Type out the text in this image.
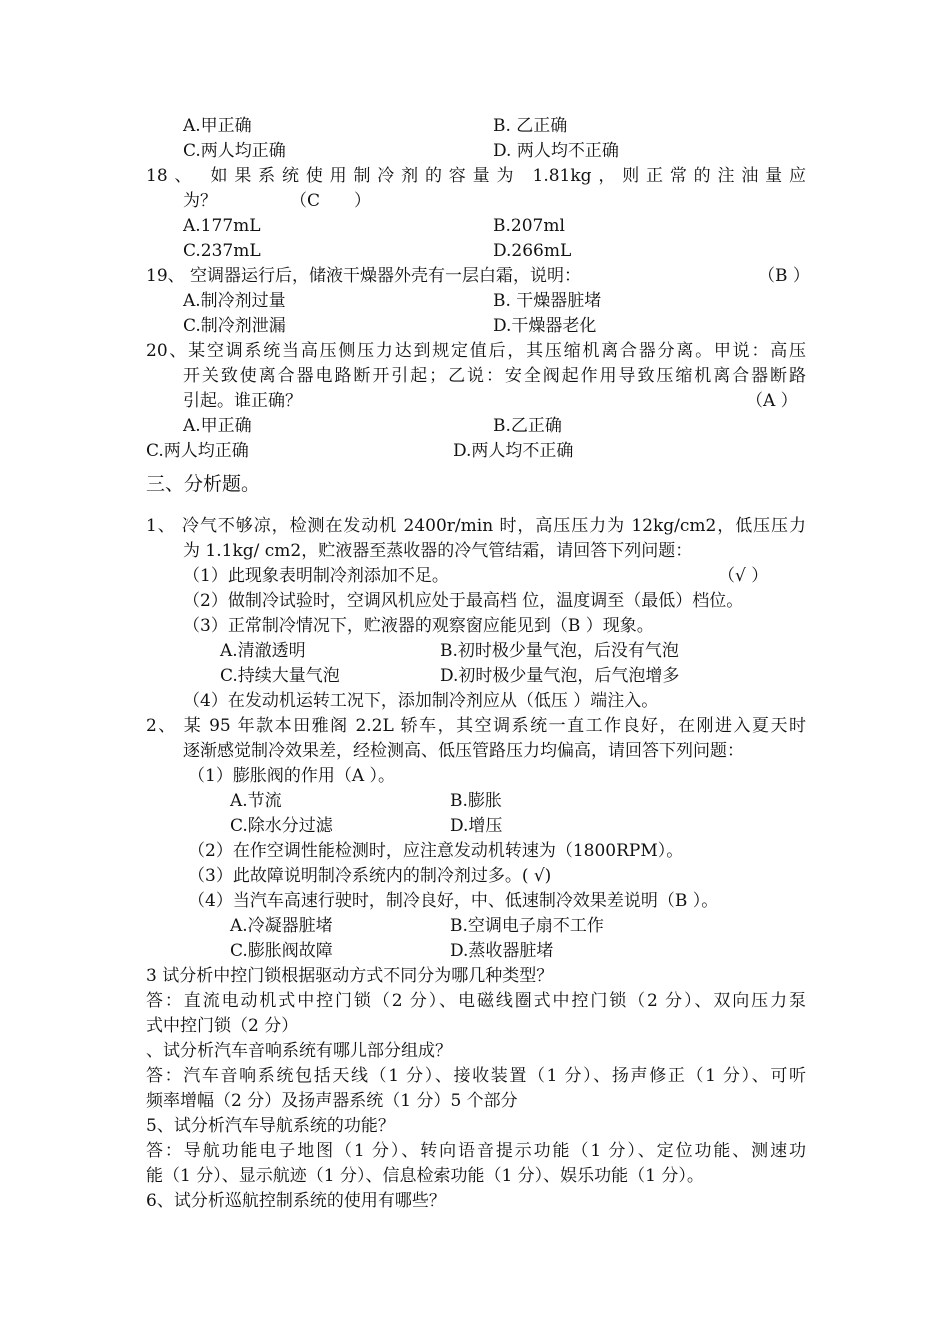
A.甲正确	B. 乙正确
C.两人均正确	D. 两人均不正确
18、 如果系统使用制冷剂的容量为 1.81kg，则正常的注油量应
为？	（C　　）
A.177mL	B.207ml
C.237mL	D.266mL
19、 空调器运行后，储液干燥器外壳有一层白霜，说明：	（B ）
A.制冷剂过量	B. 干燥器脏堵
C.制冷剂泄漏	D.干燥器老化
20、某空调系统当高压侧压力达到规定值后，其压缩机离合器分离。甲说：高压
开关致使离合器电路断开引起；乙说：安全阀起作用导致压缩机离合器断路
引起。谁正确？	（A ）
A.甲正确	B.乙正确
C.两人均正确	D.两人均不正确
三、分析题。
1、 冷气不够凉，检测在发动机 2400r/min 时，高压压力为 12kg/cm2，低压压力
为 1.1kg/ cm2，贮液器至蒸收器的冷气管结霜，请回答下列问题：
（1）此现象表明制冷剂添加不足。	（√ ）
（2）做制冷试验时，空调风机应处于最高档 位，温度调至（最低）档位。
（3）正常制冷情况下，贮液器的观察窗应能见到（B ）现象。
A.清澈透明	B.初时极少量气泡，后没有气泡
C.持续大量气泡	D.初时极少量气泡，后气泡增多
（4）在发动机运转工况下，添加制冷剂应从（低压 ）端注入。
2、 某 95 年款本田雅阁 2.2L 轿车，其空调系统一直工作良好，在刚进入夏天时
逐渐感觉制冷效果差，经检测高、低压管路压力均偏高，请回答下列问题：
（1）膨胀阀的作用（A ）。
A.节流	B.膨胀
C.除水分过滤	D.增压
（2）在作空调性能检测时，应注意发动机转速为（1800RPM）。
（3）此故障说明制冷系统内的制冷剂过多。( √)
（4）当汽车高速行驶时，制冷良好，中、低速制冷效果差说明（B ）。
A.冷凝器脏堵	B.空调电子扇不工作
C.膨胀阀故障	D.蒸收器脏堵
3 试分析中控门锁根据驱动方式不同分为哪几种类型？
答：直流电动机式中控门锁（2 分）、电磁线圈式中控门锁（2 分）、双向压力泵
式中控门锁（2 分）
、试分析汽车音响系统有哪儿部分组成？
答：汽车音响系统包括天线（1 分）、接收装置（1 分）、扬声修正（1 分）、可听
频率增幅（2 分）及扬声器系统（1 分）5 个部分
5、试分析汽车导航系统的功能？
答：导航功能电子地图（1 分）、转向语音提示功能（1 分）、定位功能、测速功
能（1 分）、显示航迹（1 分）、信息检索功能（1 分）、娱乐功能（1 分）。
6、试分析巡航控制系统的使用有哪些？
